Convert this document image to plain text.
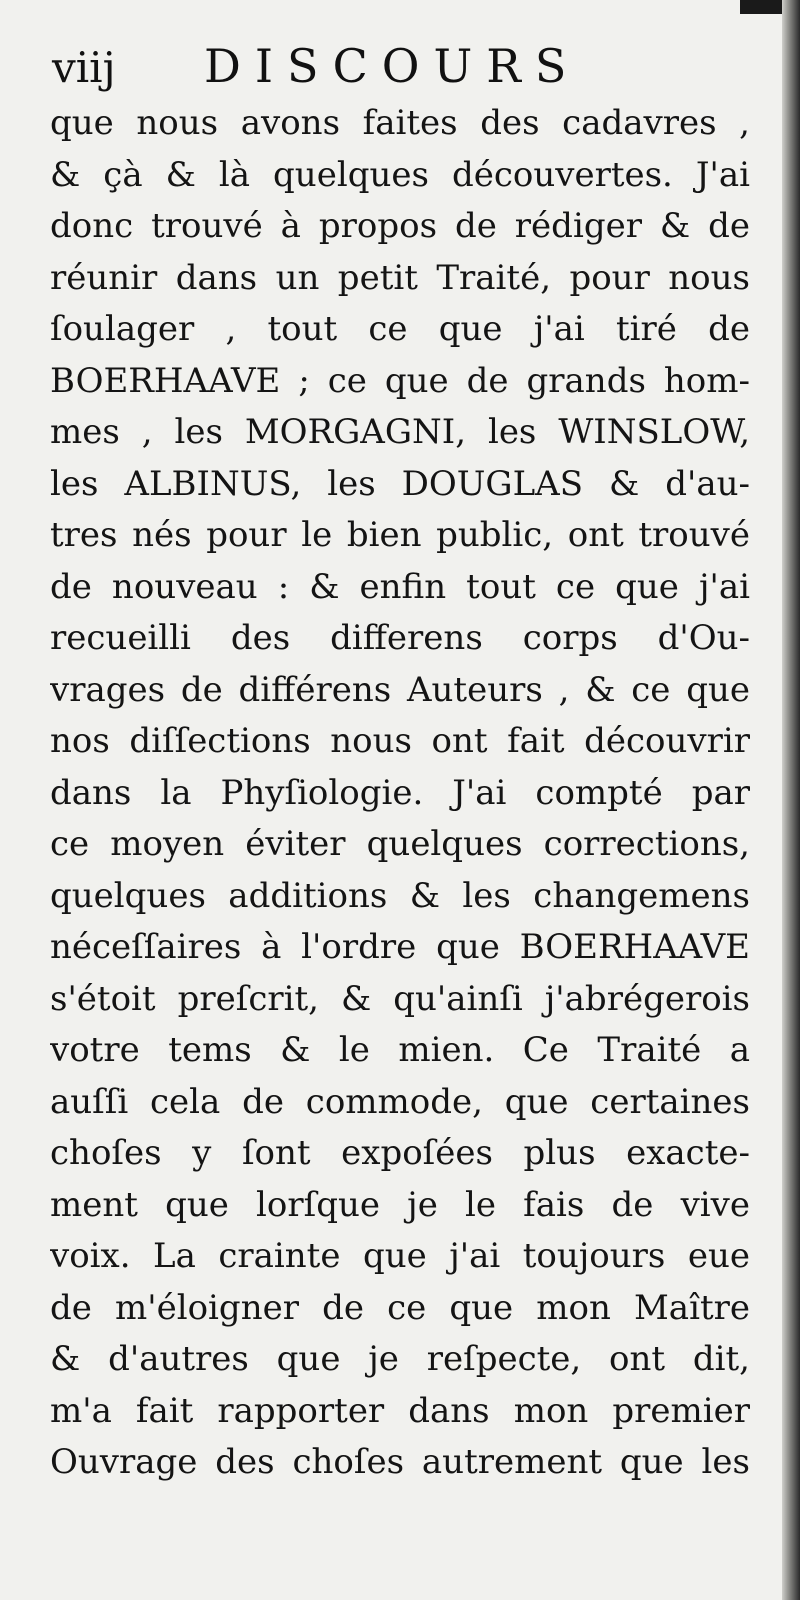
viij DISCOURS
que nous avons faites des cadavres ,
& çà & là quelques découvertes. J'ai
donc trouvé à propos de rédiger & de
réunir dans un petit Traité, pour nous
ſoulager , tout ce que j'ai tiré de
BOERHAAVE ; ce que de grands hom-
mes , les MORGAGNI, les WINSLOW,
les ALBINUS, les DOUGLAS & d'au-
tres nés pour le bien public, ont trouvé
de nouveau : & enfin tout ce que j'ai
recueilli des differens corps d'Ou-
vrages de différens Auteurs , & ce que
nos diſſections nous ont fait découvrir
dans la Phyſiologie. J'ai compté par
ce moyen éviter quelques corrections,
quelques additions & les changemens
néceſſaires à l'ordre que BOERHAAVE
s'étoit preſcrit, & qu'ainſi j'abrégerois
votre tems & le mien. Ce Traité a
auſſi cela de commode, que certaines
choſes y ſont expoſées plus exacte-
ment que lorſque je le fais de vive
voix. La crainte que j'ai toujours eue
de m'éloigner de ce que mon Maître
& d'autres que je reſpecte, ont dit,
m'a fait rapporter dans mon premier
Ouvrage des choſes autrement que les
